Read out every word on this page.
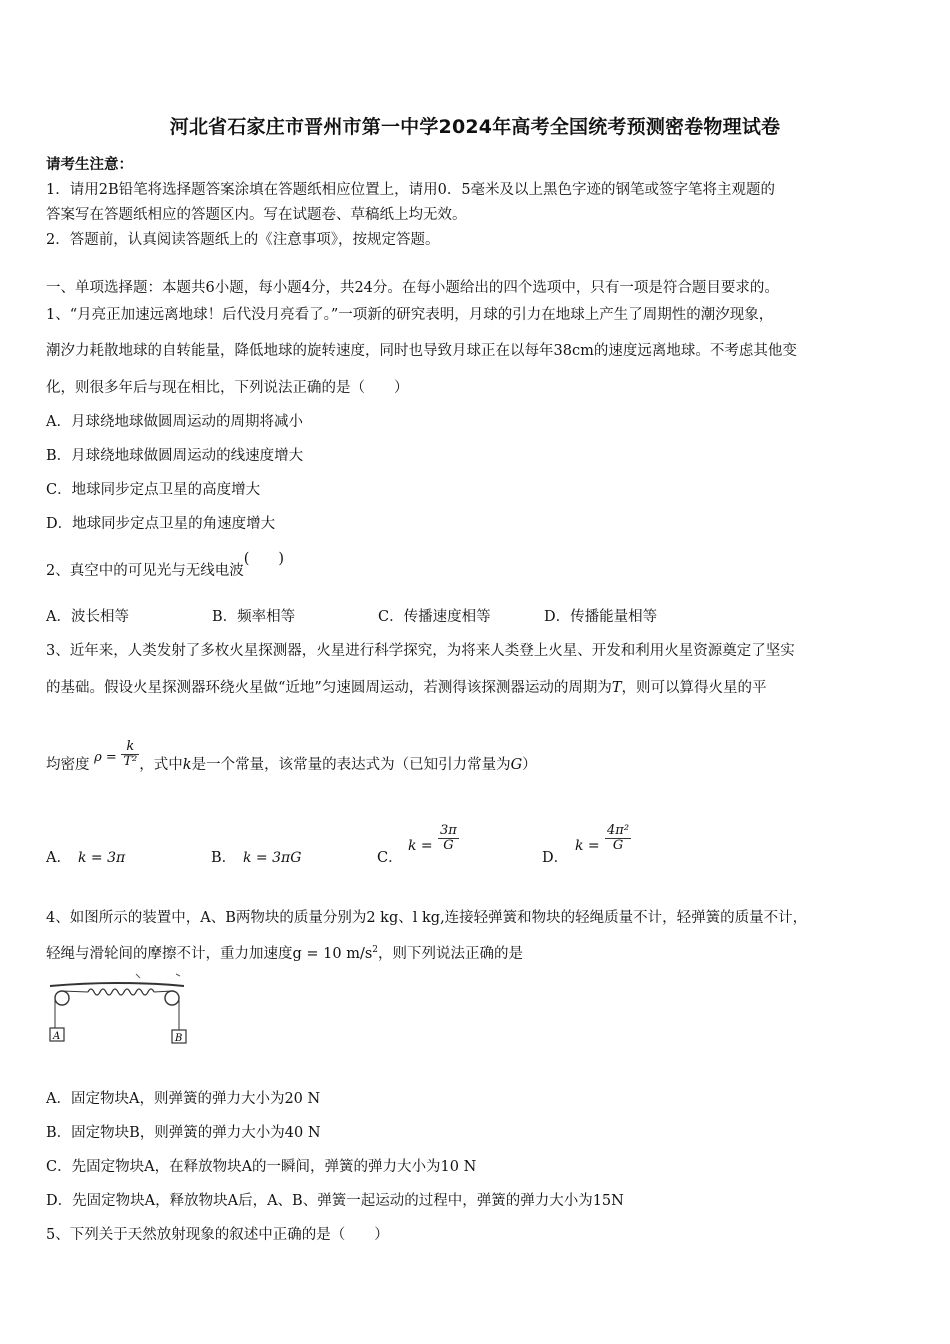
河北省石家庄市晋州市第一中学2024年高考全国统考预测密卷物理试卷
请考生注意：
1．请用2B铅笔将选择题答案涂填在答题纸相应位置上，请用0．5毫米及以上黑色字迹的钢笔或签字笔将主观题的
答案写在答题纸相应的答题区内。写在试题卷、草稿纸上均无效。
2．答题前，认真阅读答题纸上的《注意事项》，按规定答题。
一、单项选择题：本题共6小题，每小题4分，共24分。在每小题给出的四个选项中，只有一项是符合题目要求的。
1、“月亮正加速远离地球！后代没月亮看了。”一项新的研究表明，月球的引力在地球上产生了周期性的潮汐现象，
潮汐力耗散地球的自转能量，降低地球的旋转速度，同时也导致月球正在以每年38cm的速度远离地球。不考虑其他变
化，则很多年后与现在相比，下列说法正确的是（　　）
A．月球绕地球做圆周运动的周期将减小
B．月球绕地球做圆周运动的线速度增大
C．地球同步定点卫星的高度增大
D．地球同步定点卫星的角速度增大
2、真空中的可见光与无线电波(　　)
A．波长相等	B．频率相等	C．传播速度相等	D．传播能量相等
3、近年来，人类发射了多枚火星探测器，火星进行科学探究，为将来人类登上火星、开发和利用火星资源奠定了坚实
的基础。假设火星探测器环绕火星做“近地”匀速圆周运动，若测得该探测器运动的周期为T，则可以算得火星的平
均密度 $\rho = \frac{k}{\text{T²}}$ ，式中k是一个常量，该常量的表达式为（已知引力常量为G）
A． k = 3π	B． k = 3πG	C．
$k = \frac{3\pi}{G}$
D．
$k = \frac{\text{4π²}}{G}$
4、如图所示的装置中，A、B两物块的质量分别为2 kg、l kg,连接轻弹簧和物块的轻绳质量不计，轻弹簧的质量不计，
轻绳与滑轮间的摩擦不计，重力加速度g = 10 $m/s^2$，则下列说法正确的是
A	B
A．固定物块A，则弹簧的弹力大小为20 N
B．固定物块B，则弹簧的弹力大小为40 N
C．先固定物块A，在释放物块A的一瞬间，弹簧的弹力大小为10 N
D．先固定物块A，释放物块A后，A、B、弹簧一起运动的过程中，弹簧的弹力大小为15N
5、下列关于天然放射现象的叙述中正确的是（　　）
